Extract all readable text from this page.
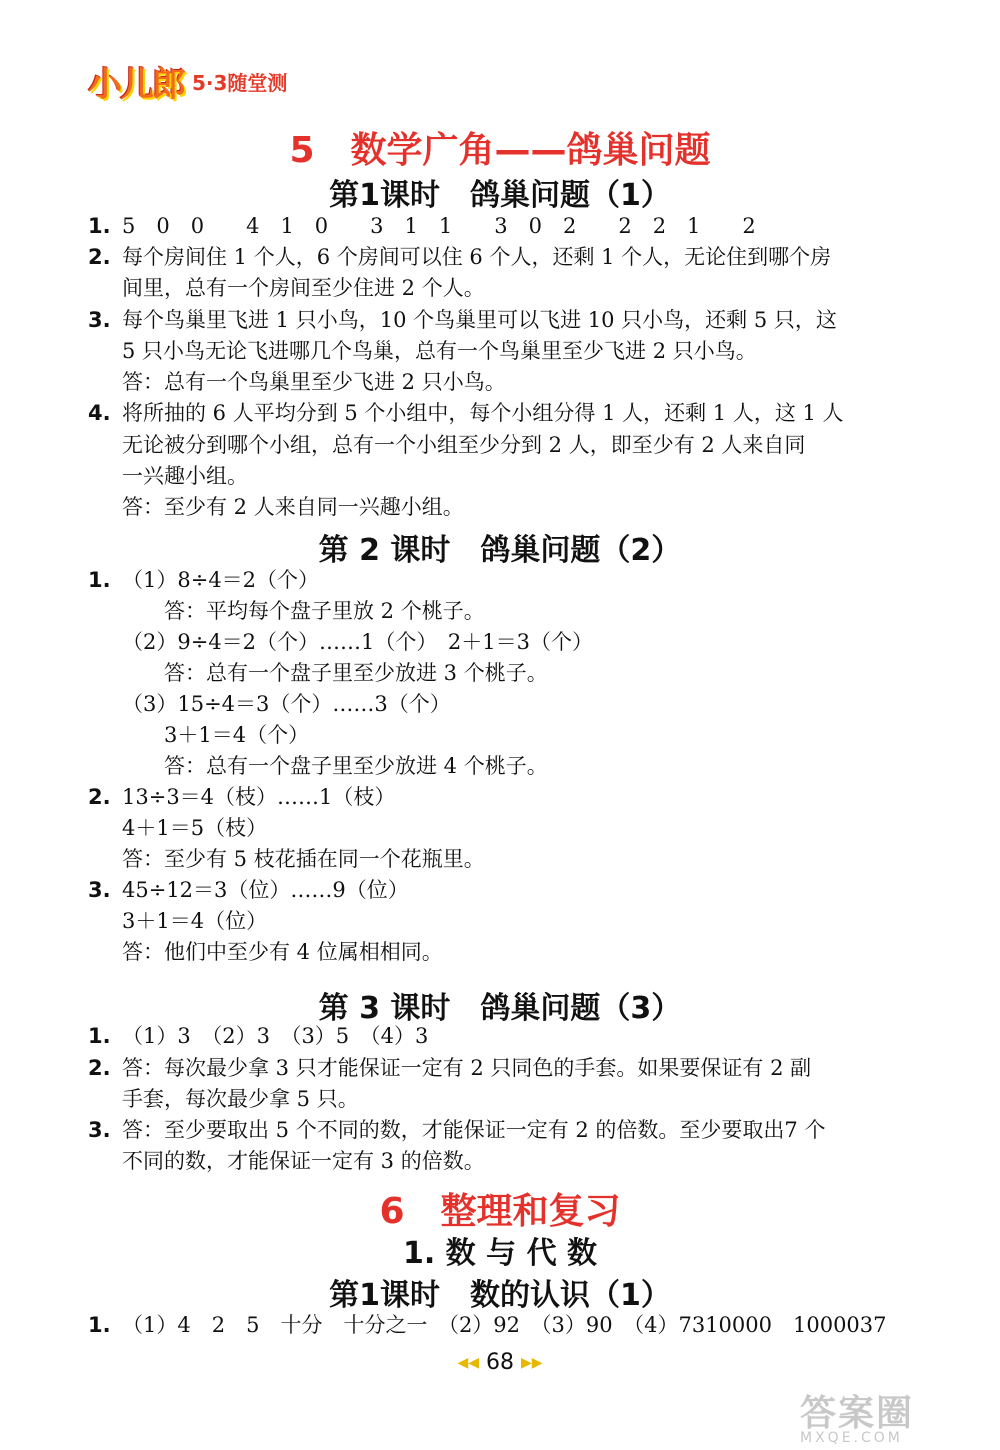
小儿郎 5·3随堂测
5　数学广角——鸽巢问题
第1课时　鸽巢问题（1）
1. 5　0　0　　4　1　0　　3　1　1　　3　0　2　　2　2　1　　2
2. 每个房间住 1 个人，6 个房间可以住 6 个人，还剩 1 个人，无论住到哪个房
间里，总有一个房间至少住进 2 个人。
3. 每个鸟巢里飞进 1 只小鸟，10 个鸟巢里可以飞进 10 只小鸟，还剩 5 只，这
5 只小鸟无论飞进哪几个鸟巢，总有一个鸟巢里至少飞进 2 只小鸟。
答：总有一个鸟巢里至少飞进 2 只小鸟。
4. 将所抽的 6 人平均分到 5 个小组中，每个小组分得 1 人，还剩 1 人，这 1 人
无论被分到哪个小组，总有一个小组至少分到 2 人，即至少有 2 人来自同
一兴趣小组。
答：至少有 2 人来自同一兴趣小组。
第 2 课时　鸽巢问题（2）
1. （1）8÷4＝2（个）
　　答：平均每个盘子里放 2 个桃子。
（2）9÷4＝2（个）……1（个）　2＋1＝3（个）
　　答：总有一个盘子里至少放进 3 个桃子。
（3）15÷4＝3（个）……3（个）
　　3＋1＝4（个）
　　答：总有一个盘子里至少放进 4 个桃子。
2. 13÷3＝4（枝）……1（枝）
4＋1＝5（枝）
答：至少有 5 枝花插在同一个花瓶里。
3. 45÷12＝3（位）……9（位）
3＋1＝4（位）
答：他们中至少有 4 位属相相同。
第 3 课时　鸽巢问题（3）
1. （1）3　（2）3　（3）5　（4）3
2. 答：每次最少拿 3 只才能保证一定有 2 只同色的手套。如果要保证有 2 副
手套，每次最少拿 5 只。
3. 答：至少要取出 5 个不同的数，才能保证一定有 2 的倍数。至少要取出7 个
不同的数，才能保证一定有 3 的倍数。
6　整理和复习
1. 数 与 代 数
第1课时　数的认识（1）
1. （1）4　2　5　十分　十分之一　（2）92　（3）90　（4）7310000　1000037
◀◀ 68 ▶▶
答案圈
MXQE.COM
